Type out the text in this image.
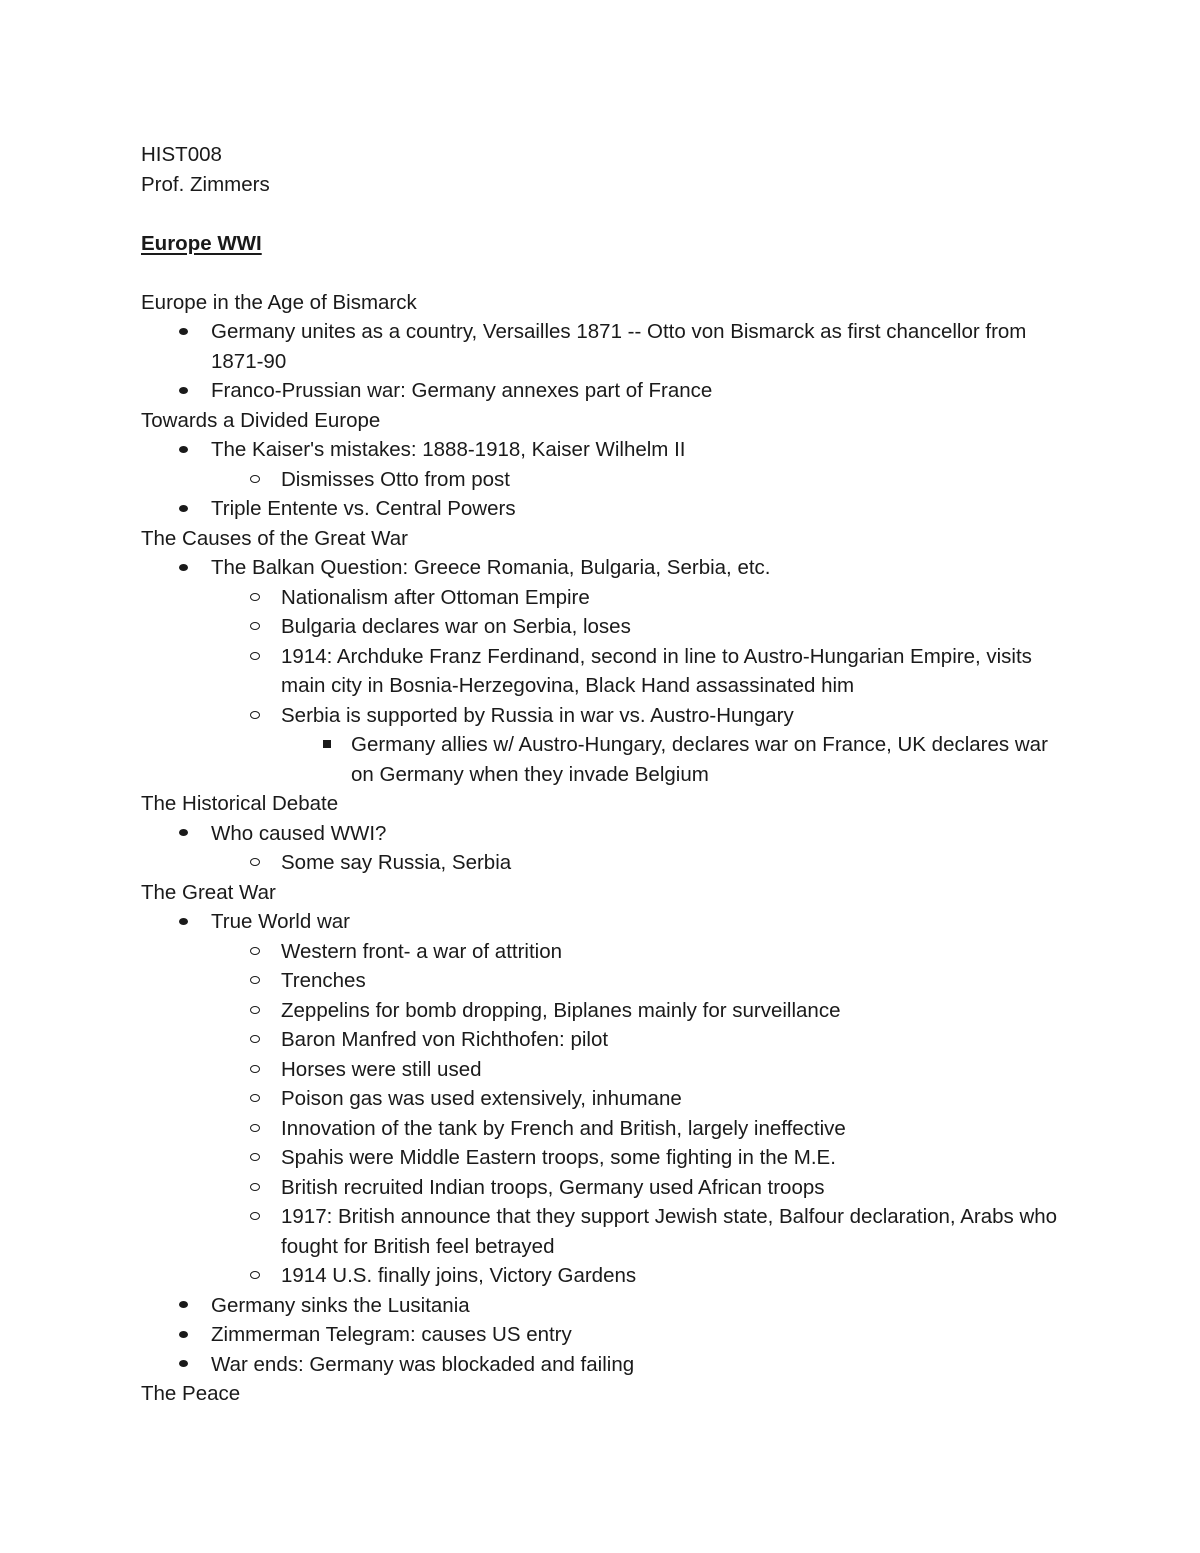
HIST008
Prof. Zimmers
Europe WWI
Europe in the Age of Bismarck
Germany unites as a country, Versailles 1871 -- Otto von Bismarck as first chancellor from 1871-90
Franco-Prussian war: Germany annexes part of France
Towards a Divided Europe
The Kaiser's mistakes: 1888-1918, Kaiser Wilhelm II
Dismisses Otto from post
Triple Entente vs. Central Powers
The Causes of the Great War
The Balkan Question: Greece Romania, Bulgaria, Serbia, etc.
Nationalism after Ottoman Empire
Bulgaria declares war on Serbia, loses
1914: Archduke Franz Ferdinand, second in line to Austro-Hungarian Empire, visits main city in Bosnia-Herzegovina, Black Hand assassinated him
Serbia is supported by Russia in war vs. Austro-Hungary
Germany allies w/ Austro-Hungary, declares war on France, UK declares war on Germany when they invade Belgium
The Historical Debate
Who caused WWI?
Some say Russia, Serbia
The Great War
True World war
Western front- a war of attrition
Trenches
Zeppelins for bomb dropping, Biplanes mainly for surveillance
Baron Manfred von Richthofen: pilot
Horses were still used
Poison gas was used extensively, inhumane
Innovation of the tank by French and British, largely ineffective
Spahis were Middle Eastern troops, some fighting in the M.E.
British recruited Indian troops, Germany used African troops
1917: British announce that they support Jewish state, Balfour declaration, Arabs who fought for British feel betrayed
1914 U.S. finally joins, Victory Gardens
Germany sinks the Lusitania
Zimmerman Telegram: causes US entry
War ends: Germany was blockaded and failing
The Peace
